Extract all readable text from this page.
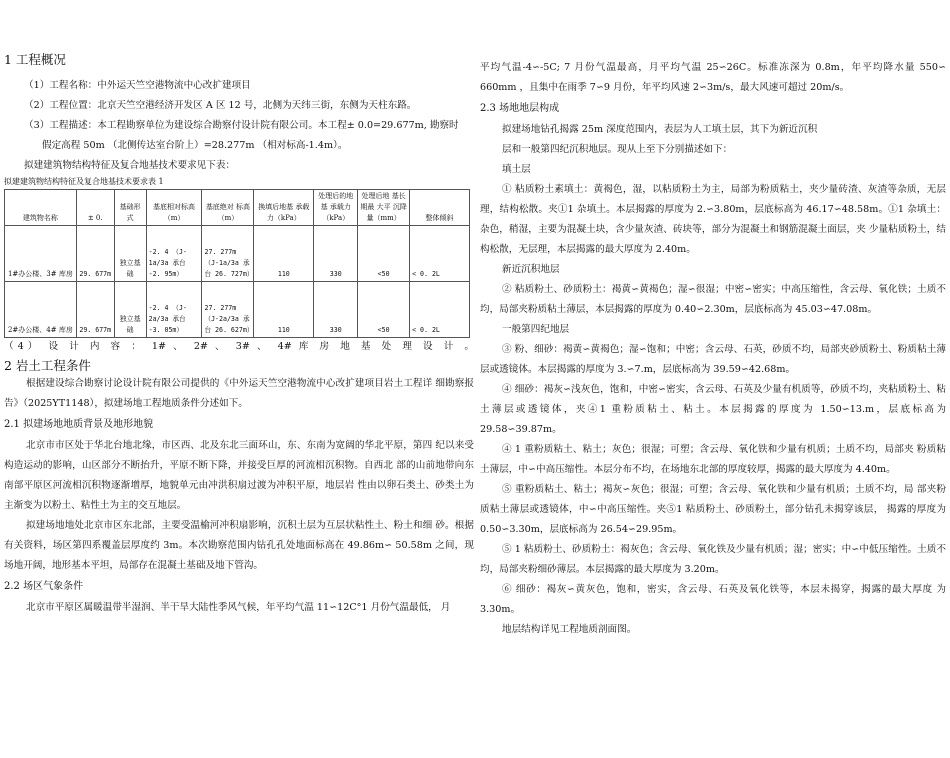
1 工程概况

（1）工程名称：中外运天竺空港物流中心改扩建项目

（2）工程位置：北京天竺空港经济开发区 A 区 12 号，北侧为天纬三街，东侧为天柱东路。

（3）工程描述：本工程勘察单位为建设综合勘察付设计院有限公司。本工程± 0.0=29.677m, 勘察时

假定高程 50m （北侧传达室台阶上）=28.277m （相对标高-1.4m）。

拟建建筑物结构特征及复合地基技术要求见下表：

拟建建筑物结构特征及复合地基技术要求表 1
建筑物名称	± 0.	基础形式	基底相对标高（m）	基底绝对 标高（m）	换填后地基 承载力（kPa）	处理后的地基 承载力（kPa）	处理后地 基长期最 大平 沉降 量（mm）	整体倾斜
1#办公楼、3# 库房	29. 677m	独立基础	-2. 4 （J-1a/3a 承台 -2. 95m）	27. 277m （J-1a/3a 承台 26. 727m）	110	330	<50	< 0. 2L
2#办公楼、4# 库房	29. 677m	独立基础	-2. 4 （J-2a/3a 承台 -3. 05m）	27. 277m （J-2a/3a 承台 26. 627m）	110	330	<50	< 0. 2L

（4） 设 计 内 容 ： 1# 、 2# 、 3# 、 4# 库 房 地 基 处 理 设 计 。

2 岩土工程条件

根据建设综合勘察讨论设计院有限公司提供的《中外运天竺空港物流中心改扩建项目岩土工程详 细勘察报告》（2025YT1148），拟建场地工程地质条件分述如下。

2.1 拟建场地地质背景及地形地貌

北京市市区处于华北台地北缘，市区西、北及东北三面环山，东、东南为宽阔的华北平原，第四 纪以来受构造运动的影响，山区部分不断抬升，平原不断下降，并接受巨厚的河流相沉积物。自西北 部的山前地带向东南部平原区河流相沉积物逐渐增厚，地貌单元由冲洪积扇过渡为冲积平原，地层岩 性由以卵石类土、砂类土为主渐变为以粉土、粘性土为主的交互地层。

拟建场地地处北京市区东北部，主要受温榆河冲积扇影响，沉积土层为互层状粘性土、粉土和细 砂。根据有关资料，场区第四系覆盖层厚度约 3m。本次勘察范围内钻孔孔处地面标高在 49.86m∽ 50.58m 之间，现场地开阔，地形基本平坦，局部存在混凝土基础及地下管沟。

2.2 场区气象条件

北京市平原区属暖温带半湿润、半干旱大陆性季风气候，年平均气温 11∽12C°1 月份气温最低， 月

平均气温-4∽-5C; 7 月份气温最高，月平均气温 25∽26C。标准冻深为 0.8m，年平均降水量 550∽ 660mm ，且集中在雨季 7∽9 月份，年平均风速 2∽3m/s，最大风速可超过 20m/s。

2.3 场地地层构成

拟建场地钻孔揭露 25m 深度范围内，表层为人工填土层，其下为新近沉积

层和一般第四纪沉积地层。现从上至下分别描述如下：

填土层

① 粘质粉土素填土：黄褐色，湿，以粘质粉土为主，局部为粉质粘土，夹少量砖渣、灰渣等杂质，无层理，结构松散。夹①1 杂填土。本层揭露的厚度为 2.∽3.80m，层底标高为 46.17∽48.58m。①1 杂填土：杂色，稍湿，主要为混凝土块，含少量灰渣、砖块等，部分为混凝土和钢筋混凝土面层，夹 少量粘质粉土，结构松散，无层理，本层揭露的最大厚度为 2.40m。

新近沉积地层

② 粘质粉土、砂质粉土：褐黄∽黄褐色；湿∽很湿；中密∽密实；中高压缩性，含云母、氧化铁；土质不均，局部夹粉质粘土薄层，本层揭露的厚度为 0.40∽2.30m，层底标高为 45.03∽47.08m。

一般第四纪地层

③ 粉、细砂：褐黄∽黄褐色；湿∽饱和；中密；含云母、石英，砂质不均，局部夹砂质粉土、粉质粘土薄层或透镜体。本层揭露的厚度为 3.∽7.m，层底标高为 39.59∽42.68m。

④ 细砂：褐灰∽浅灰色，饱和，中密∽密实，含云母、石英及少量有机质等，砂质不均，夹粘质粉土、粘土薄层或透镜体，夹④1 重粉质粘土、粘土。本层揭露的厚度为 1.50∽13.m，层底标高为 29.58∽39.87m。

④ 1 重粉质粘土、粘土；灰色；很湿；可塑；含云母、氧化铁和少量有机质；土质不均，局部夹 粉质粘土薄层，中∽中高压缩性。本层分布不均，在场地东北部的厚度较厚，揭露的最大厚度为 4.40m。

⑤ 重粉质粘土、粘土；褐灰∽灰色；很湿；可塑；含云母、氧化铁和少量有机质；土质不均，局 部夹粉质粘土薄层或透镜体，中∽中高压缩性。夹⑤1 粘质粉土、砂质粉土，部分钻孔未揭穿该层， 揭露的厚度为 0.50∽3.30m，层底标高为 26.54∽29.95m。

⑤ 1 粘质粉土、砂质粉土：褐灰色；含云母、氧化铁及少量有机质；湿；密实；中∽中低压缩性。土质不均，局部夹粉细砂薄层。本层揭露的最大厚度为 3.20m。

⑥ 细砂：褐灰∽黄灰色，饱和，密实，含云母、石英及氧化铁等，本层未揭穿，揭露的最大厚度 为 3.30m。

地层结构详见工程地质剖面图。
